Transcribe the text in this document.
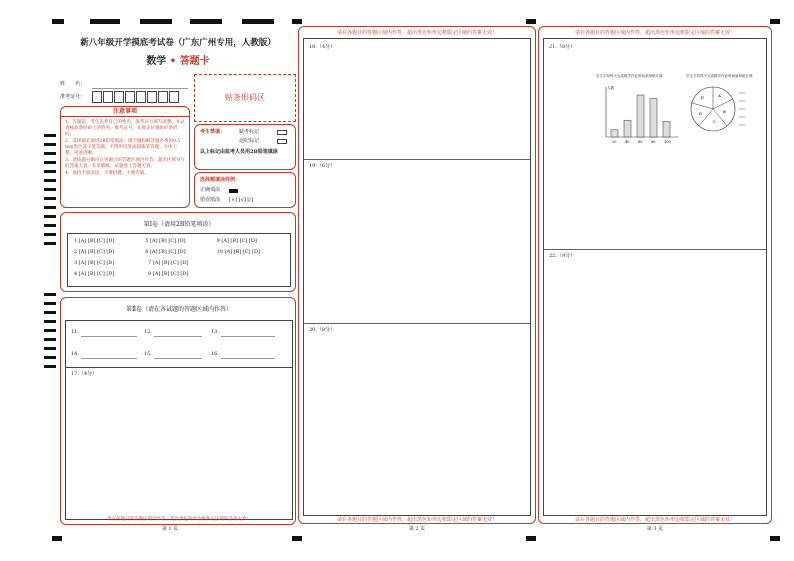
新八年级开学摸底考试卷（广东广州专用，人教版）
数学 • 答题卡
姓　　名：
准考证号：	贴条形码区
注意事项
1．答题前，考生先将自己的姓名，准考证号填写清楚，并认真核准条形码上的姓名、准考证号，在规定位置贴好条形码。
2．选择题必须用2B铅笔填涂；填空题和解答题必须用0.5 mm黑色签字笔答题，不得用铅笔或圆珠笔答题；字体工整、笔迹清晰。
3．请按题号顺序在各题目的答题区域内作答，超出区域书写的答案无效；在草稿纸、试题卷上答题无效。
4．保持卡面清洁，不要折叠、不要弄破。
考生禁填：	缺考标记
违纪标记
以上标记由监考人员用2B铅笔填涂
选择题填涂样例：
正确填涂
错误填涂 [×] [√] [/]
第Ⅰ卷（请用2B铅笔填涂）
1 [A] [B] [C] [D]	5 [A] [B] [C] [D]	9 [A] [B] [C] [D]
2 [A] [B] [C] [D]	6 [A] [B] [C] [D]	10 [A] [B] [C] [D]
3 [A] [B] [C] [D]	7 [A] [B] [C] [D]
4 [A] [B] [C] [D]	8 [A] [B] [C] [D]
第Ⅱ卷（请在各试题的答题区域内作答）
11.	12.	13.
14.	15.	16.
17.（4分）
请在各题目的答题区域内作答，超出黑色矩形边框限定区域的答案无效！
第 1 页
请在各题目的答题区域内作答，超出黑色矩形边框限定区域的答案无效！
18.（4分）
19.（6分）
20.（8分）
请在各题目的答题区域内作答，超出黑色矩形边框限定区域的答案无效！
第 2 页
请在各题目的答题区域内作答，超出黑色矩形边框限定区域的答案无效！
21.（8分）
学生平均每天完成数学作业时间条形统计图	学生平均每天完成数学作业时间扇形统计图
20 40 60 80 100
人数
A
B
C
D
E
22.（9分）
请在各题目的答题区域内作答，超出黑色矩形边框限定区域的答案无效！
第 3 页
